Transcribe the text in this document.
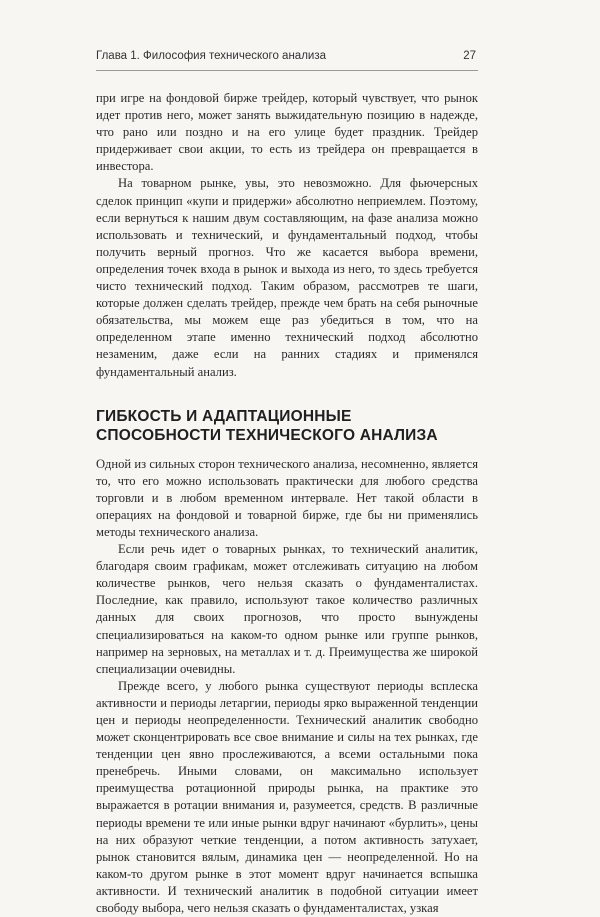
Глава 1. Философия технического анализа	27

при игре на фондовой бирже трейдер, который чувствует, что рынок идет против него, может занять выжидательную позицию в надежде, что рано или поздно и на его улице будет праздник. Трейдер придерживает свои акции, то есть из трейдера он превращается в инвестора.

На товарном рынке, увы, это невозможно. Для фьючерсных сделок принцип «купи и придержи» абсолютно неприемлем. Поэтому, если вернуться к нашим двум составляющим, на фазе анализа можно использовать и технический, и фундаментальный подход, чтобы получить верный прогноз. Что же касается выбора времени, определения точек входа в рынок и выхода из него, то здесь требуется чисто технический подход. Таким образом, рассмотрев те шаги, которые должен сделать трейдер, прежде чем брать на себя рыночные обязательства, мы можем еще раз убедиться в том, что на определенном этапе именно технический подход абсолютно незаменим, даже если на ранних стадиях и применялся фундаментальный анализ.

ГИБКОСТЬ И АДАПТАЦИОННЫЕ СПОСОБНОСТИ ТЕХНИЧЕСКОГО АНАЛИЗА

Одной из сильных сторон технического анализа, несомненно, является то, что его можно использовать практически для любого средства торговли и в любом временном интервале. Нет такой области в операциях на фондовой и товарной бирже, где бы ни применялись методы технического анализа.

Если речь идет о товарных рынках, то технический аналитик, благодаря своим графикам, может отслеживать ситуацию на любом количестве рынков, чего нельзя сказать о фундаменталистах. Последние, как правило, используют такое количество различных данных для своих прогнозов, что просто вынуждены специализироваться на каком-то одном рынке или группе рынков, например на зерновых, на металлах и т. д. Преимущества же широкой специализации очевидны.

Прежде всего, у любого рынка существуют периоды всплеска активности и периоды летаргии, периоды ярко выраженной тенденции цен и периоды неопределенности. Технический аналитик свободно может сконцентрировать все свое внимание и силы на тех рынках, где тенденции цен явно прослеживаются, а всеми остальными пока пренебречь. Иными словами, он максимально использует преимущества ротационной природы рынка, на практике это выражается в ротации внимания и, разумеется, средств. В различные периоды времени те или иные рынки вдруг начинают «бурлить», цены на них образуют четкие тенденции, а потом активность затухает, рынок становится вялым, динамика цен — неопределенной. Но на каком-то другом рынке в этот момент вдруг начинается вспышка активности. И технический аналитик в подобной ситуации имеет свободу выбора, чего нельзя сказать о фундаменталистах, узкая
